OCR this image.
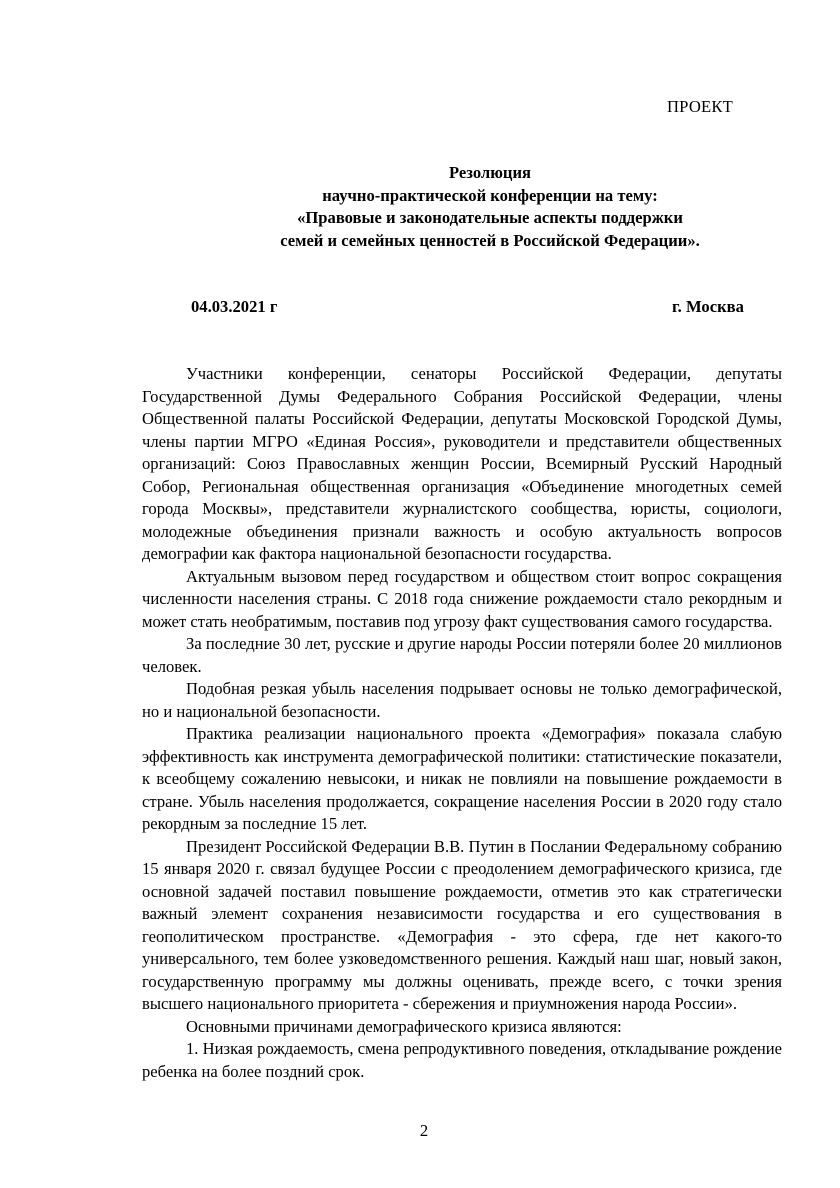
ПРОЕКТ
Резолюция
научно-практической конференции на тему:
«Правовые и законодательные аспекты поддержки
семей и семейных ценностей в Российской Федерации».
04.03.2021 г	г. Москва

Участники конференции, сенаторы Российской Федерации, депутаты Государственной Думы Федерального Собрания Российской Федерации, члены Общественной палаты Российской Федерации, депутаты Московской Городской Думы, члены партии МГРО «Единая Россия», руководители и представители общественных организаций: Союз Православных женщин России, Всемирный Русский Народный Собор, Региональная общественная организация «Объединение многодетных семей города Москвы», представители журналистского сообщества, юристы, социологи, молодежные объединения признали важность и особую актуальность вопросов демографии как фактора национальной безопасности государства.

Актуальным вызовом перед государством и обществом стоит вопрос сокращения численности населения страны. С 2018 года снижение рождаемости стало рекордным и может стать необратимым, поставив под угрозу факт существования самого государства.

За последние 30 лет, русские и другие народы России потеряли более 20 миллионов человек.

Подобная резкая убыль населения подрывает основы не только демографической, но и национальной безопасности.

Практика реализации национального проекта «Демография» показала слабую эффективность как инструмента демографической политики: статистические показатели, к всеобщему сожалению невысоки, и никак не повлияли на повышение рождаемости в стране. Убыль населения продолжается, сокращение населения России в 2020 году стало рекордным за последние 15 лет.

Президент Российской Федерации В.В. Путин в Послании Федеральному собранию 15 января 2020 г. связал будущее России с преодолением демографического кризиса, где основной задачей поставил повышение рождаемости, отметив это как стратегически важный элемент сохранения независимости государства и его существования в геополитическом пространстве. «Демография - это сфера, где нет какого-то универсального, тем более узковедомственного решения. Каждый наш шаг, новый закон, государственную программу мы должны оценивать, прежде всего, с точки зрения высшего национального приоритета - сбережения и приумножения народа России».

Основными причинами демографического кризиса являются:

1. Низкая рождаемость, смена репродуктивного поведения, откладывание рождение ребенка на более поздний срок.

2
